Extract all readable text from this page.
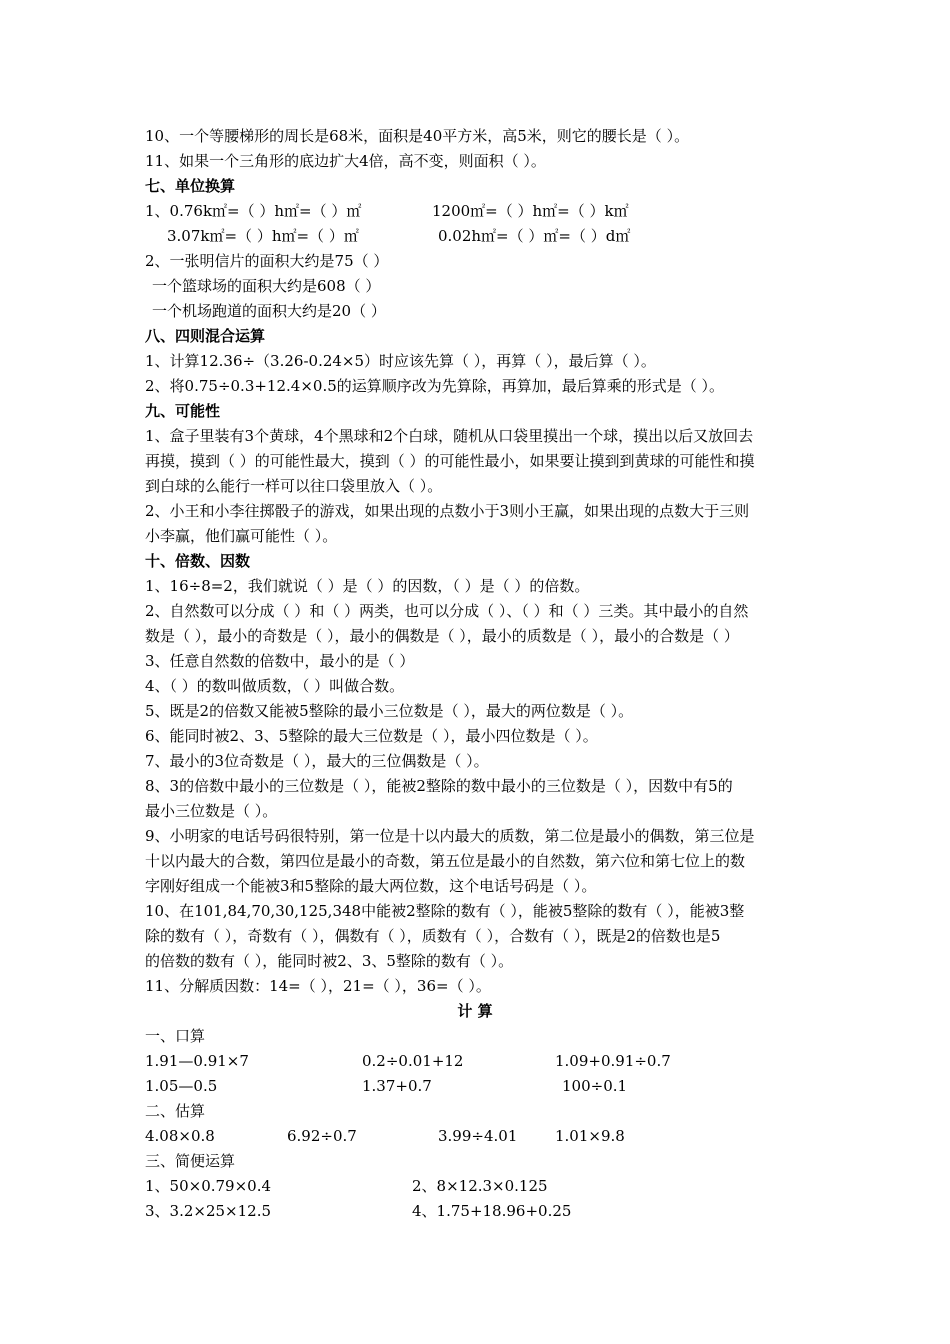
10、一个等腰梯形的周长是68米，面积是40平方米，高5米，则它的腰长是（ ）。
11、如果一个三角形的底边扩大4倍，高不变，则面积（ ）。
七、单位换算
1、0.76k㎡=（ ）h㎡=（ ）㎡	1200㎡=（ ）h㎡=（ ）k㎡
3.07k㎡=（ ）h㎡=（ ）㎡	0.02h㎡=（ ）㎡=（ ）d㎡
2、一张明信片的面积大约是75（ ）
一个篮球场的面积大约是608（ ）
一个机场跑道的面积大约是20（ ）
八、四则混合运算
1、计算12.36÷（3.26-0.24×5）时应该先算（ ），再算（ ），最后算（ ）。
2、将0.75÷0.3+12.4×0.5的运算顺序改为先算除，再算加，最后算乘的形式是（ ）。
九、可能性
1、盒子里装有3个黄球，4个黑球和2个白球，随机从口袋里摸出一个球，摸出以后又放回去
再摸，摸到（ ）的可能性最大，摸到（ ）的可能性最小，如果要让摸到到黄球的可能性和摸
到白球的么能行一样可以往口袋里放入（ ）。
2、小王和小李往掷骰子的游戏，如果出现的点数小于3则小王赢，如果出现的点数大于三则
小李赢，他们赢可能性（ ）。
十、倍数、因数
1、16÷8=2，我们就说（ ）是（ ）的因数，（ ）是（ ）的倍数。
2、自然数可以分成（ ）和（ ）两类，也可以分成（ ）、（ ）和（ ）三类。其中最小的自然
数是（ ），最小的奇数是（ ），最小的偶数是（ ），最小的质数是（ ），最小的合数是（ ）
3、任意自然数的倍数中，最小的是（ ）
4、（ ）的数叫做质数，（ ）叫做合数。
5、既是2的倍数又能被5整除的最小三位数是（ ），最大的两位数是（ ）。
6、能同时被2、3、5整除的最大三位数是（ ），最小四位数是（ ）。
7、最小的3位奇数是（ ），最大的三位偶数是（ ）。
8、3的倍数中最小的三位数是（ ），能被2整除的数中最小的三位数是（ ），因数中有5的
最小三位数是（ ）。
9、小明家的电话号码很特别，第一位是十以内最大的质数，第二位是最小的偶数，第三位是
十以内最大的合数，第四位是最小的奇数，第五位是最小的自然数，第六位和第七位上的数
字刚好组成一个能被3和5整除的最大两位数，这个电话号码是（ ）。
10、在101,84,70,30,125,348中能被2整除的数有（ ），能被5整除的数有（ ），能被3整
除的数有（ ），奇数有（ ），偶数有（ ），质数有（ ），合数有（ ），既是2的倍数也是5
的倍数的数有（ ），能同时被2、3、5整除的数有（ ）。
11、分解质因数：14=（ ），21=（ ），36=（ ）。
计 算
一、口算
1.91—0.91×7	0.2÷0.01+12	1.09+0.91÷0.7
1.05—0.5	1.37+0.7	100÷0.1
二、估算
4.08×0.8	6.92÷0.7	3.99÷4.01	1.01×9.8
三、简便运算
1、50×0.79×0.4	2、8×12.3×0.125
3、3.2×25×12.5	4、1.75+18.96+0.25
